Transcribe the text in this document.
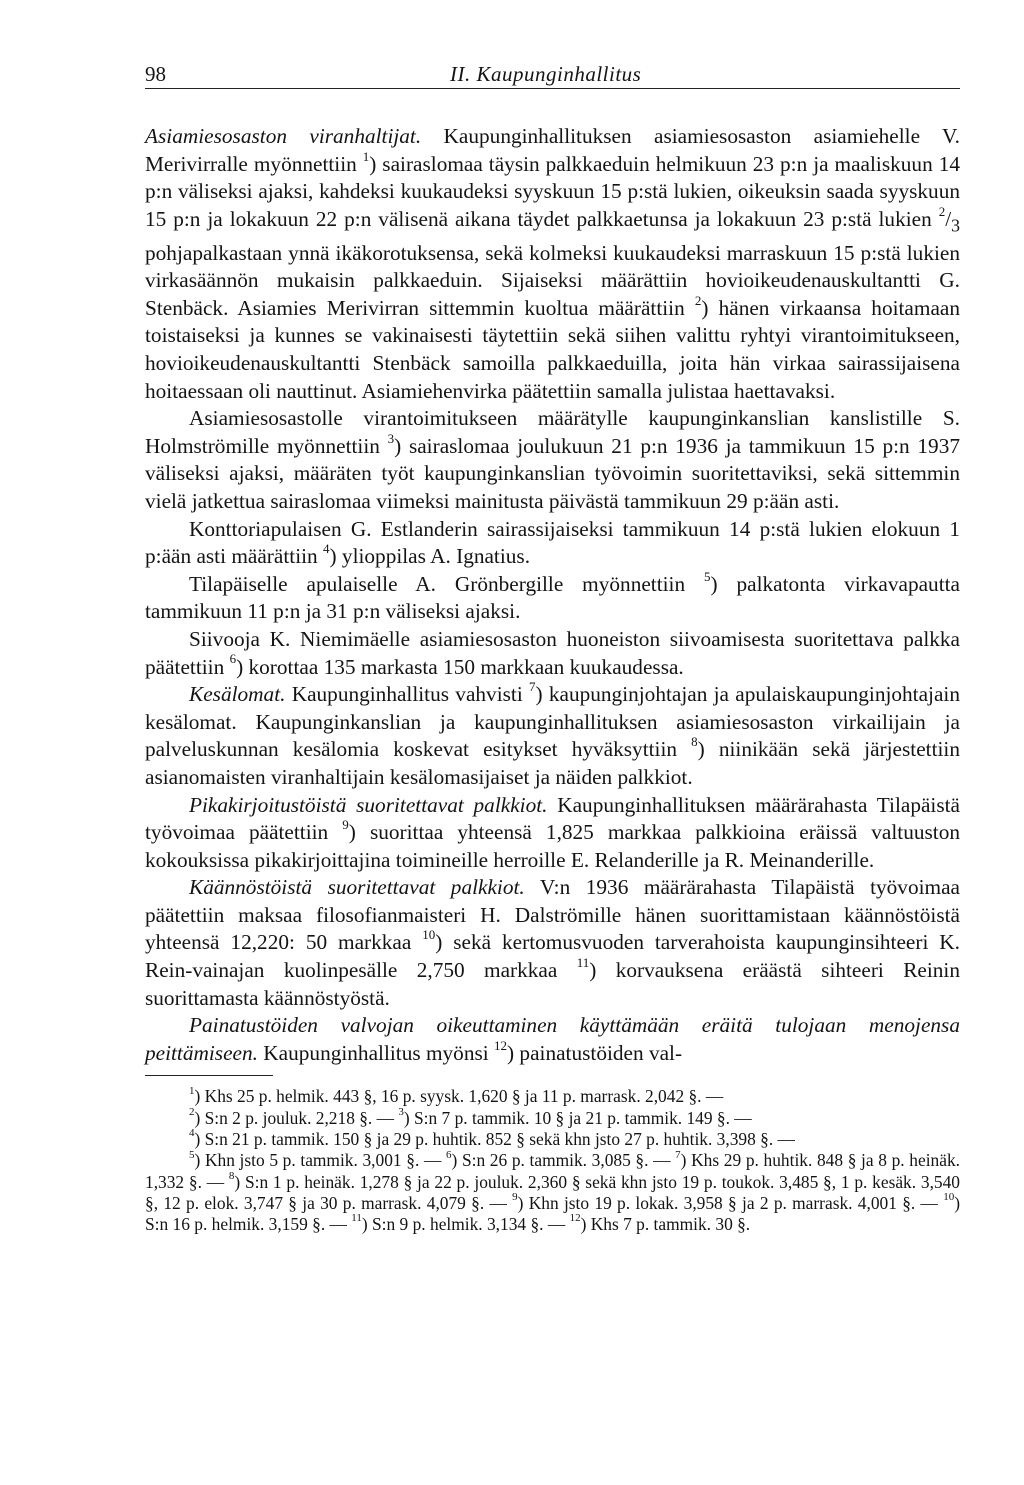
98	II. Kaupunginhallitus

Asiamiesosaston viranhaltijat. Kaupunginhallituksen asiamiesosaston asiamiehelle V. Merivirralle myönnettiin $^1$) sairaslomaa täysin palkkaeduin helmikuun 23 p:n ja maaliskuun 14 p:n väliseksi ajaksi, kahdeksi kuukaudeksi syyskuun 15 p:stä lukien, oikeuksin saada syyskuun 15 p:n ja lokakuun 22 p:n välisenä aikana täydet palkkaetunsa ja lokakuun 23 p:stä lukien $^2/_3$ pohjapalkastaan ynnä ikäkorotuksensa, sekä kolmeksi kuukaudeksi marraskuun 15 p:stä lukien virkasäännön mukaisin palkkaeduin. Sijaiseksi määrättiin hovioikeudenauskultantti G. Stenbäck. Asiamies Merivirran sittemmin kuoltua määrättiin $^2$) hänen virkaansa hoitamaan toistaiseksi ja kunnes se vakinaisesti täytettiin sekä siihen valittu ryhtyi virantoimitukseen, hovioikeudenauskultantti Stenbäck samoilla palkkaeduilla, joita hän virkaa sairassijaisena hoitaessaan oli nauttinut. Asiamiehenvirka päätettiin samalla julistaa haettavaksi.

Asiamiesosastolle virantoimitukseen määrätylle kaupunginkanslian kanslistille S. Holmströmille myönnettiin $^3$) sairaslomaa joulukuun 21 p:n 1936 ja tammikuun 15 p:n 1937 väliseksi ajaksi, määräten työt kaupunginkanslian työvoimin suoritettaviksi, sekä sittemmin vielä jatkettua sairaslomaa viimeksi mainitusta päivästä tammikuun 29 p:ään asti.

Konttoriapulaisen G. Estlanderin sairassijaiseksi tammikuun 14 p:stä lukien elokuun 1 p:ään asti määrättiin $^4$) ylioppilas A. Ignatius.

Tilapäiselle apulaiselle A. Grönbergille myönnettiin $^5$) palkatonta virkavapautta tammikuun 11 p:n ja 31 p:n väliseksi ajaksi.

Siivooja K. Niemimäelle asiamiesosaston huoneiston siivoamisesta suoritettava palkka päätettiin $^6$) korottaa 135 markasta 150 markkaan kuukaudessa.

Kesälomat. Kaupunginhallitus vahvisti $^7$) kaupunginjohtajan ja apulaiskaupunginjohtajain kesälomat. Kaupunginkanslian ja kaupunginhallituksen asiamiesosaston virkailijain ja palveluskunnan kesälomia koskevat esitykset hyväksyttiin $^8$) niinikään sekä järjestettiin asianomaisten viranhaltijain kesälomasijaiset ja näiden palkkiot.

Pikakirjoitustöistä suoritettavat palkkiot. Kaupunginhallituksen määrärahasta Tilapäistä työvoimaa päätettiin $^9$) suorittaa yhteensä 1,825 markkaa palkkioina eräissä valtuuston kokouksissa pikakirjoittajina toimineille herroille E. Relanderille ja R. Meinanderille.

Käännöstöistä suoritettavat palkkiot. V:n 1936 määrärahasta Tilapäistä työvoimaa päätettiin maksaa filosofianmaisteri H. Dalströmille hänen suorittamistaan käännöstöistä yhteensä 12,220: 50 markkaa $^{10}$) sekä kertomusvuoden tarverahoista kaupunginsihteeri K. Rein-vainajan kuolinpesälle 2,750 markkaa $^{11}$) korvauksena eräästä sihteeri Reinin suorittamasta käännöstyöstä.

Painatustöiden valvojan oikeuttaminen käyttämään eräitä tulojaan menojensa peittämiseen. Kaupunginhallitus myönsi $^{12}$) painatustöiden val-

$^1$) Khs 25 p. helmik. 443 §, 16 p. syysk. 1,620 § ja 11 p. marrask. 2,042 §. —

$^2$) S:n 2 p. jouluk. 2,218 §. — $^3$) S:n 7 p. tammik. 10 § ja 21 p. tammik. 149 §. —

$^4$) S:n 21 p. tammik. 150 § ja 29 p. huhtik. 852 § sekä khn jsto 27 p. huhtik. 3,398 §. —

$^5$) Khn jsto 5 p. tammik. 3,001 §. — $^6$) S:n 26 p. tammik. 3,085 §. — $^7$) Khs 29 p. huhtik. 848 § ja 8 p. heinäk. 1,332 §. — $^8$) S:n 1 p. heinäk. 1,278 § ja 22 p. jouluk. 2,360 § sekä khn jsto 19 p. toukok. 3,485 §, 1 p. kesäk. 3,540 §, 12 p. elok. 3,747 § ja 30 p. marrask. 4,079 §. — $^9$) Khn jsto 19 p. lokak. 3,958 § ja 2 p. marrask. 4,001 §. — $^{10}$) S:n 16 p. helmik. 3,159 §. — $^{11}$) S:n 9 p. helmik. 3,134 §. — $^{12}$) Khs 7 p. tammik. 30 §.
